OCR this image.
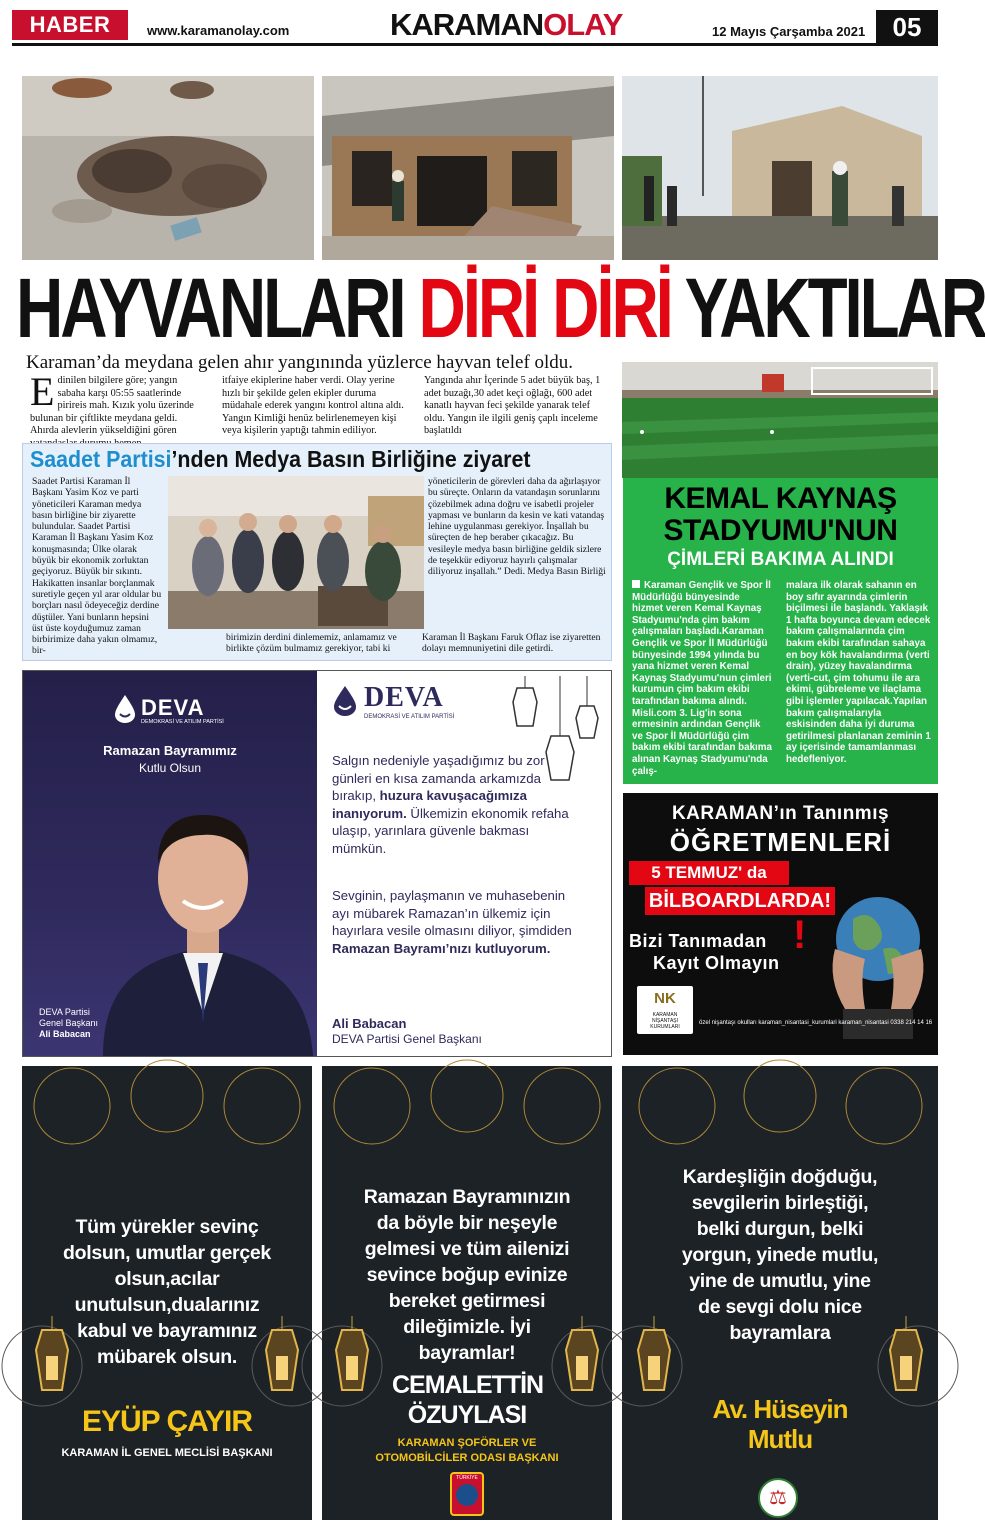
HABER	www.karamanolay.com	KARAMANOLAY	12 Mayıs Çarşamba 2021	05
HAYVANLARI DİRİ DİRİ YAKTILAR
Karaman’da meydana gelen ahır yangınında yüzlerce hayvan telef oldu.
Edinilen bilgilere göre; yangın sabaha karşı 05:55 saatlerinde pirireis mah. Kızık yolu üzerinde bulunan bir çiftlikte meydana geldi. Ahırda alevlerin yükseldiğini gören
itfaiye ekiplerine haber verdi. Olay yerine hızlı bir şekilde gelen ekipler duruma müdahale ederek yangını kontrol altına aldı. Yangın Kimliği henüz belirlenemeyen kişi veya kişilerin yaptığı tahmin ediliyor.
Yangında ahır İçerinde 5 adet büyük baş, 1 adet buzağı,30 adet keçi oğlağı, 600 adet kanatlı hayvan feci şekilde yanarak telef oldu. Yangın ile ilgili geniş çaplı inceleme başlatıldı
Saadet Partisi’nden Medya Basın Birliğine ziyaret
Saadet Partisi Karaman İl Başkanı Yasim Koz ve parti yöneticileri Karaman medya basın birliğine bir ziyarette bulundular. Saadet Partisi Karaman İl Başkanı Yasim Koz konuşmasında; Ülke olarak büyük bir ekonomik zorluktan geçiyoruz. Büyük bir sıkıntı. Hakikatten insanlar borçlanmak suretiyle geçen yıl arar oldular bu borçları nasıl ödeyeceğiz derdine düştüler. Yani bunların hepsini üst üste koyduğumuz zaman birbirimize daha yakın olmamız, bir-
birimizin derdini dinlememiz, anlamamız ve birlikte çözüm bulmamız gerekiyor, tabi ki
yöneticilerin de görevleri daha da ağırlaşıyor bu süreçte. Onların da vatandaşın sorunlarını çözebilmek adına doğru ve isabetli projeler yapması ve bunların da kesin ve kati vatandaş lehine uygulanması gerekiyor. İnşallah bu süreçten de hep beraber çıkacağız. Bu vesileyle medya basın birliğine geldik sizlere de teşekkür ediyoruz hayırlı çalışmalar diliyoruz inşallah.” Dedi. Medya Basın Birliği
Karaman İl Başkanı Faruk Oflaz ise ziyaretten dolayı memnuniyetini dile getirdi.
KEMAL KAYNAŞ
STADYUMU'NUN
ÇİMLERİ BAKIMA ALINDI
Karaman Gençlik ve Spor İl Müdürlüğü bünyesinde hizmet veren Kemal Kaynaş Stadyumu'nda çim bakım çalışmaları başladı.Karaman Gençlik ve Spor İl Müdürlüğü bünyesinde 1994 yılında bu yana hizmet veren Kemal Kaynaş Stadyumu'nun çimleri kurumun çim bakım ekibi tarafından bakıma alındı. Misli.com 3. Lig'in sona ermesinin ardından Gençlik ve Spor İl Müdürlüğü çim bakım ekibi tarafından bakıma alınan Kaynaş Stadyumu'nda çalış-
malara ilk olarak sahanın en boy sıfır ayarında çimlerin biçilmesi ile başlandı. Yaklaşık 1 hafta boyunca devam edecek bakım çalışmalarında çim bakım ekibi tarafından sahaya en boy kök havalandırma (verti drain), yüzey havalandırma (verti-cut, çim tohumu ile ara ekimi, gübreleme ve ilaçlama gibi işlemler yapılacak.Yapılan bakım çalışmalarıyla eskisinden daha iyi duruma getirilmesi planlanan zeminin 1 ay içerisinde tamamlanması hedefleniyor.
DEVA
DEMOKRASİ VE ATILIM PARTİSİ
Ramazan Bayramımız
Kutlu Olsun
DEVA Partisi
Genel Başkanı
Ali Babacan
DEVA
DEMOKRASİ VE ATILIM PARTİSİ
Salgın nedeniyle yaşadığımız bu zor günleri en kısa zamanda arkamızda bırakıp, huzura kavuşacağımıza inanıyorum. Ülkemizin ekonomik refaha ulaşıp, yarınlara güvenle bakması mümkün.
Sevginin, paylaşmanın ve muhasebenin ayı mübarek Ramazan’ın ülkemiz için hayırlara vesile olmasını diliyor, şimdiden Ramazan Bayramı’nızı kutluyorum.
Ali Babacan
DEVA Partisi Genel Başkanı
KARAMAN’ın Tanınmış
ÖĞRETMENLERİ
5 TEMMUZ' da
BİLBOARDLARDA!
!
Bizi Tanımadan
Kayıt Olmayın
NK
KARAMAN NİŞANTAŞI KURUMLARI
özel nişantaşı okulları karaman_nisantasi_kurumlari karaman_nisantasi 0338 214 14 16
Tüm yürekler sevinç dolsun, umutlar gerçek olsun,acılar unutulsun,dualarınız kabul ve bayramınız mübarek olsun.
EYÜP ÇAYIR
KARAMAN İL GENEL MECLİSİ BAŞKANI
Ramazan Bayramınızın da böyle bir neşeyle gelmesi ve tüm ailenizi sevince boğup evinize bereket getirmesi dileğimizle. İyi bayramlar!
CEMALETTİN ÖZUYLASI
KARAMAN ŞOFÖRLER VE OTOMOBİLCİLER ODASI BAŞKANI
TÜRKİYE
Kardeşliğin doğduğu, sevgilerin birleştiği, belki durgun, belki yorgun, yinede mutlu, yine de umutlu, yine de sevgi dolu nice bayramlara
Av. Hüseyin Mutlu
⚖
